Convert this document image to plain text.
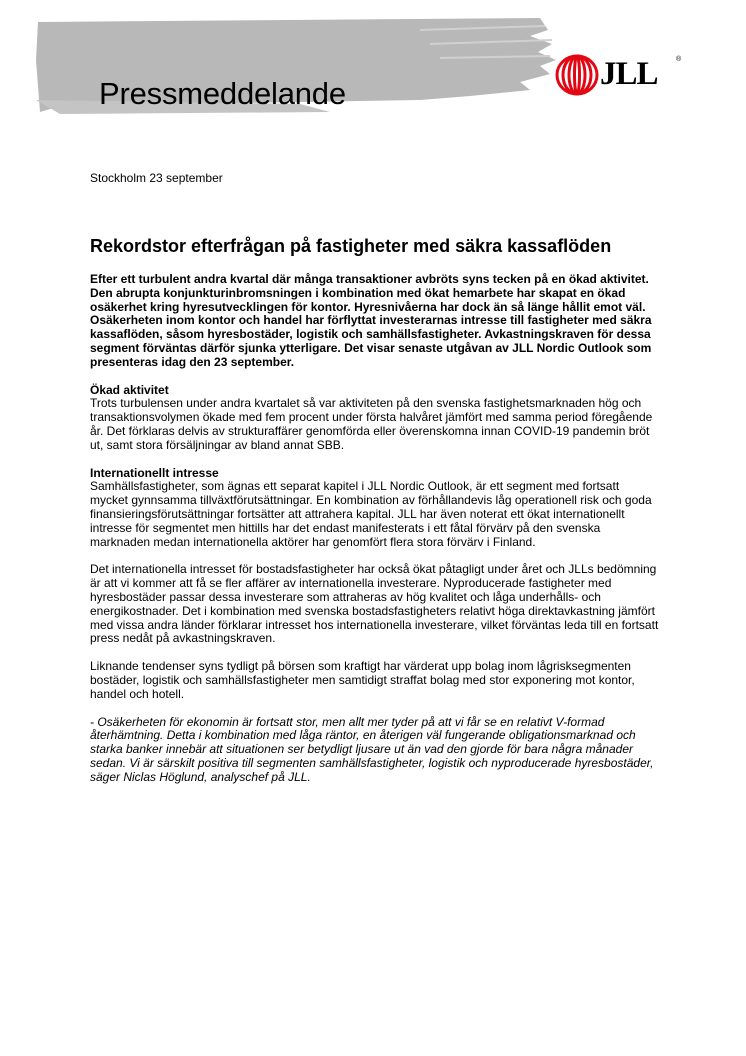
Pressmeddelande
JLL	®

Stockholm 23 september

Rekordstor efterfrågan på fastigheter med säkra kassaflöden

Efter ett turbulent andra kvartal där många transaktioner avbröts syns tecken på en ökad aktivitet. Den abrupta konjunkturinbromsningen i kombination med ökat hemarbete har skapat en ökad osäkerhet kring hyresutvecklingen för kontor. Hyresnivåerna har dock än så länge hållit emot väl. Osäkerheten inom kontor och handel har förflyttat investerarnas intresse till fastigheter med säkra kassaflöden, såsom hyresbostäder, logistik och samhällsfastigheter. Avkastningskraven för dessa segment förväntas därför sjunka ytterligare. Det visar senaste utgåvan av JLL Nordic Outlook som presenteras idag den 23 september.

Ökad aktivitet
Trots turbulensen under andra kvartalet så var aktiviteten på den svenska fastighetsmarknaden hög och transaktionsvolymen ökade med fem procent under första halvåret jämfört med samma period föregående år. Det förklaras delvis av strukturaffärer genomförda eller överenskomna innan COVID-19 pandemin bröt ut, samt stora försäljningar av bland annat SBB.

Internationellt intresse
Samhällsfastigheter, som ägnas ett separat kapitel i JLL Nordic Outlook, är ett segment med fortsatt mycket gynnsamma tillväxtförutsättningar. En kombination av förhållandevis låg operationell risk och goda finansieringsförutsättningar fortsätter att attrahera kapital. JLL har även noterat ett ökat internationellt intresse för segmentet men hittills har det endast manifesterats i ett fåtal förvärv på den svenska marknaden medan internationella aktörer har genomfört flera stora förvärv i Finland.

Det internationella intresset för bostadsfastigheter har också ökat påtagligt under året och JLLs bedömning är att vi kommer att få se fler affärer av internationella investerare. Nyproducerade fastigheter med hyresbostäder passar dessa investerare som attraheras av hög kvalitet och låga underhålls- och energikostnader. Det i kombination med svenska bostadsfastigheters relativt höga direktavkastning jämfört med vissa andra länder förklarar intresset hos internationella investerare, vilket förväntas leda till en fortsatt press nedåt på avkastningskraven.

Liknande tendenser syns tydligt på börsen som kraftigt har värderat upp bolag inom lågrisksegmenten bostäder, logistik och samhällsfastigheter men samtidigt straffat bolag med stor exponering mot kontor, handel och hotell.

- Osäkerheten för ekonomin är fortsatt stor, men allt mer tyder på att vi får se en relativt V-formad återhämtning. Detta i kombination med låga räntor, en återigen väl fungerande obligationsmarknad och starka banker innebär att situationen ser betydligt ljusare ut än vad den gjorde för bara några månader sedan. Vi är särskilt positiva till segmenten samhällsfastigheter, logistik och nyproducerade hyresbostäder, säger Niclas Höglund, analyschef på JLL.
